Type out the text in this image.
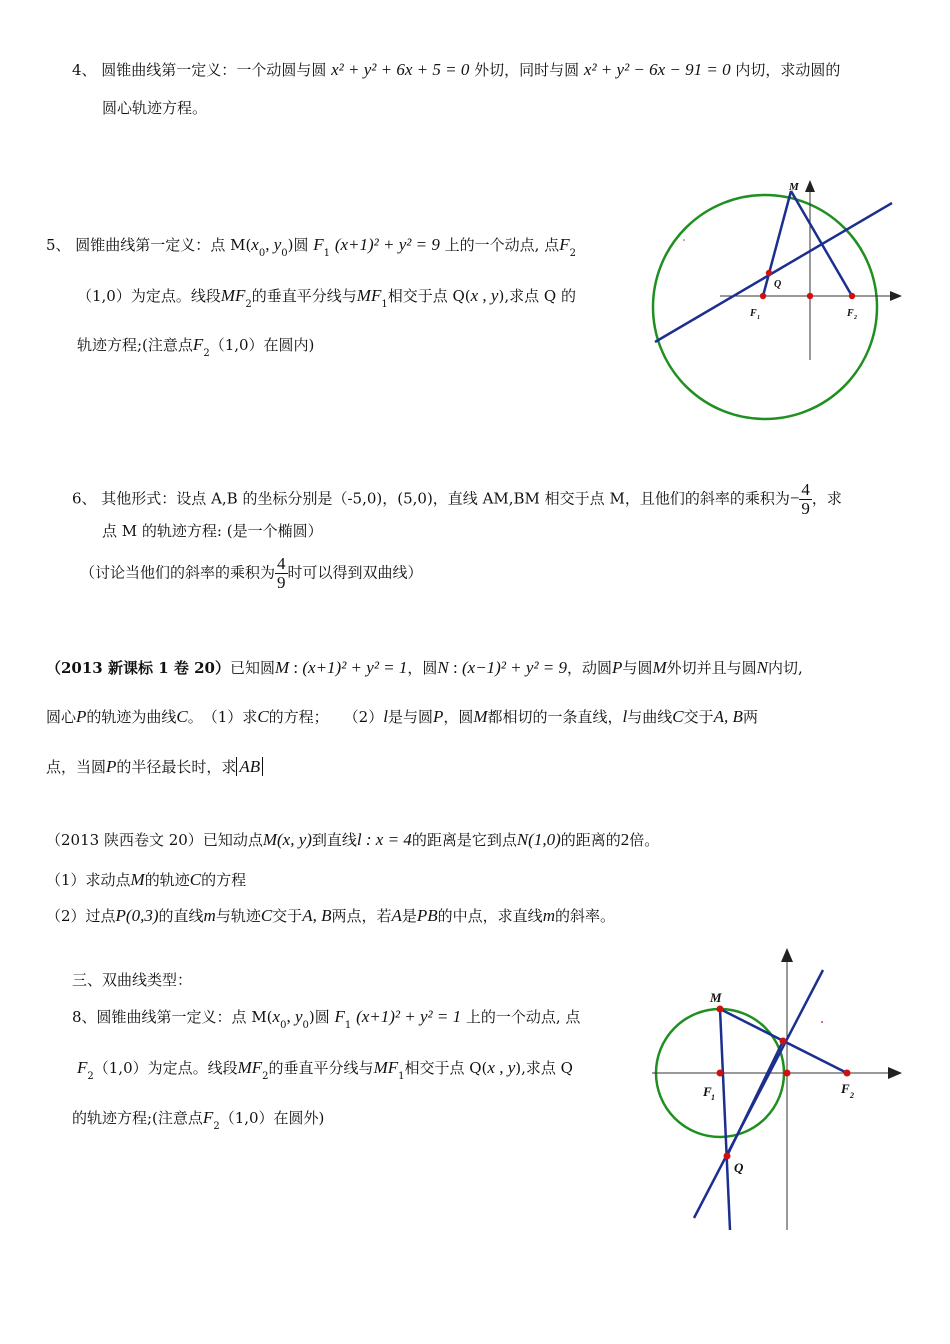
4、 圆锥曲线第一定义：一个动圆与圆 x² + y² + 6x + 5 = 0 外切，同时与圆 x² + y² − 6x − 91 = 0 内切，求动圆的
圆心轨迹方程。
5、 圆锥曲线第一定义：点 $M(x_0$, $y_0$)圆 $F_1$ (x+1)² + y² = 9 上的一个动点, 点$F_2$
（1,0）为定点。线段$MF_2$的垂直平分线与$MF_1$相交于点 Q(x , y),求点 Q 的
轨迹方程;(注意点$F_2(1,0)$在圆内)
M
Q
F 1	F 2
6、 其他形式：设点 A,B 的坐标分别是（-5,0)，(5,0)，直线 AM,BM 相交于点 M，且他们的斜率的乘积为− $\frac{4}{9}$ ，求
点 M 的轨迹方程: (是一个椭圆）
（讨论当他们的斜率的乘积为 $\frac{4}{9}$ 时可以得到双曲线）
（2013 新课标 1 卷 20）已知圆M : (x+1)² + y² = 1，圆N : (x−1)² + y² = 9，动圆P与圆M外切并且与圆N内切,
圆心P的轨迹为曲线C。　（1）求C的方程；　　（2）l是与圆P，圆M都相切的一条直线，l与曲线C交于A, B两
点，当圆P的半径最长时，求 AB
（2013 陕西卷文 20）已知动点M(x, y)到直线l : x = 4的距离是它到点N(1,0)的距离的2倍。
（1）求动点M的轨迹C的方程
（2）过点P(0,3)的直线m与轨迹C交于A, B两点，若A是PB的中点，求直线m的斜率。
三、双曲线类型：
8、圆锥曲线第一定义：点 $M(x_0$, $y_0$)圆 $F_1$ (x+1)² + y² = 1 上的一个动点, 点
$F_2(1,0)$为定点。线段$MF_2$的垂直平分线与$MF_1$相交于点 Q(x , y),求点 Q
的轨迹方程;(注意点$F_2(1,0)$在圆外)
M
Q
F 1
F 2
